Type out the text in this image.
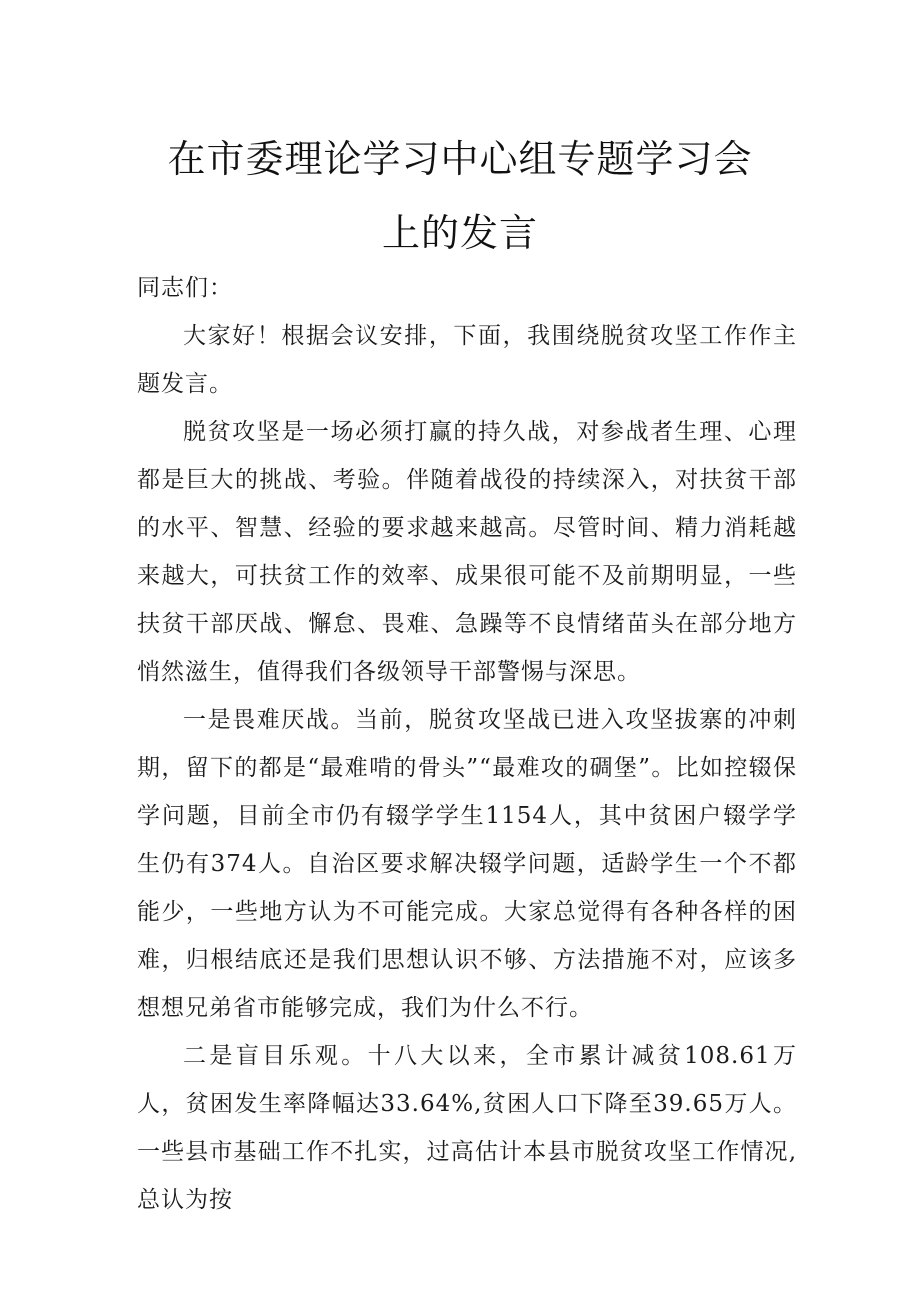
在市委理论学习中心组专题学习会
上的发言
同志们：

大家好！根据会议安排，下面，我围绕脱贫攻坚工作作主题发言。

脱贫攻坚是一场必须打赢的持久战，对参战者生理、心理都是巨大的挑战、考验。伴随着战役的持续深入，对扶贫干部的水平、智慧、经验的要求越来越高。尽管时间、精力消耗越来越大，可扶贫工作的效率、成果很可能不及前期明显，一些扶贫干部厌战、懈怠、畏难、急躁等不良情绪苗头在部分地方悄然滋生，值得我们各级领导干部警惕与深思。

一是畏难厌战。当前，脱贫攻坚战已进入攻坚拔寨的冲刺期，留下的都是“最难啃的骨头”“最难攻的碉堡”。比如控辍保学问题，目前全市仍有辍学学生1154人，其中贫困户辍学学生仍有374人。自治区要求解决辍学问题，适龄学生一个不都能少，一些地方认为不可能完成。大家总觉得有各种各样的困难，归根结底还是我们思想认识不够、方法措施不对，应该多想想兄弟省市能够完成，我们为什么不行。

二是盲目乐观。十八大以来，全市累计减贫108.61万人，贫困发生率降幅达33.64%,贫困人口下降至39.65万人。一些县市基础工作不扎实，过高估计本县市脱贫攻坚工作情况,总认为按
